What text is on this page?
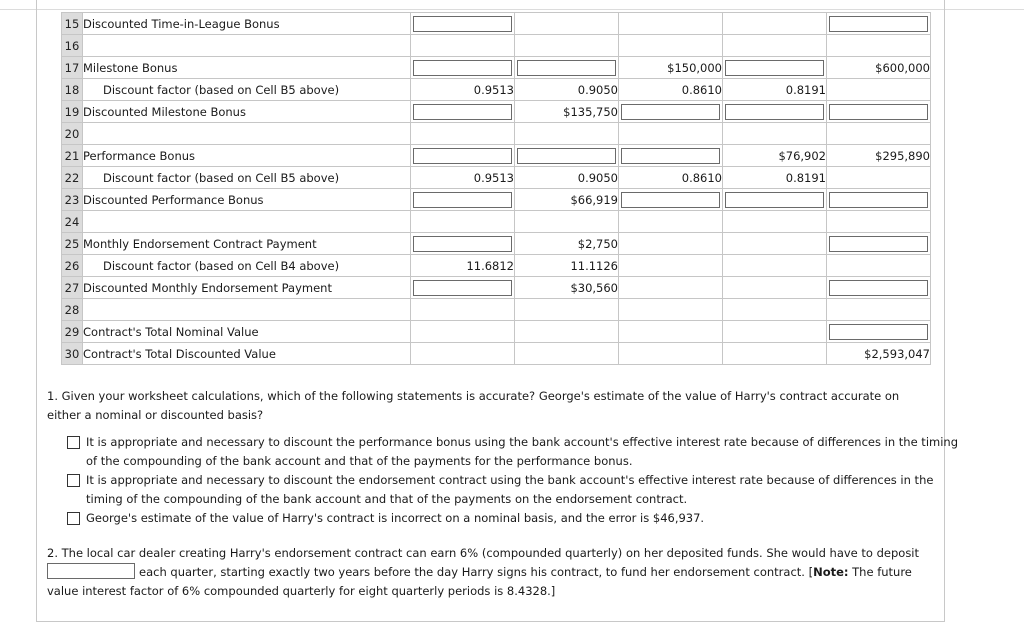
15	Discounted Time-in-League Bonus	

16						
17	Milestone Bonus			$150,000		$600,000
18	Discount factor (based on Cell B5 above)	0.9513	0.9050	0.8610	0.8191	
19	Discounted Milestone Bonus		$135,750	

20						
21	Performance Bonus				$76,902	$295,890
22	Discount factor (based on Cell B5 above)	0.9513	0.9050	0.8610	0.8191	
23	Discounted Performance Bonus		$66,919	

24						
25	Monthly Endorsement Contract Payment		$2,750			

26	Discount factor (based on Cell B4 above)	11.6812	11.1126			
27	Discounted Monthly Endorsement Payment		$30,560			

28						
29	Contract's Total Nominal Value					

30	Contract's Total Discounted Value					$2,593,047
1. Given your worksheet calculations, which of the following statements is accurate? George's estimate of the value of Harry's contract accurate on either a nominal or discounted basis?
It is appropriate and necessary to discount the performance bonus using the bank account's effective interest rate because of differences in the timing of the compounding of the bank account and that of the payments for the performance bonus.
It is appropriate and necessary to discount the endorsement contract using the bank account's effective interest rate because of differences in the timing of the compounding of the bank account and that of the payments on the endorsement contract.
George's estimate of the value of Harry's contract is incorrect on a nominal basis, and the error is $46,937.
2. The local car dealer creating Harry's endorsement contract can earn 6% (compounded quarterly) on her deposited funds. She would have to deposit
each quarter, starting exactly two years before the day Harry signs his contract, to fund her endorsement contract. [Note: The future value interest factor of 6% compounded quarterly for eight quarterly periods is 8.4328.]
